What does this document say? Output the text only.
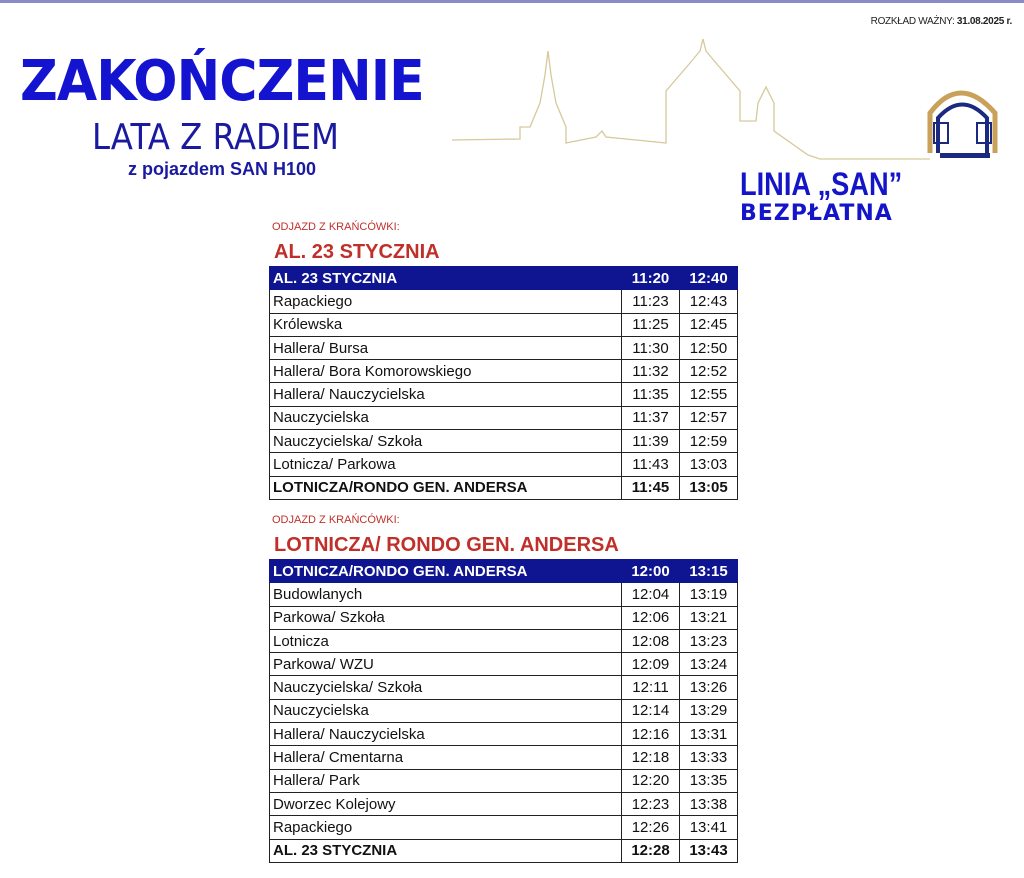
ROZKŁAD WAŻNY: 31.08.2025 r.
ZAKOŃCZENIE
LATA Z RADIEM
z pojazdem SAN H100	LINIA „SAN”
BEZPŁATNA
ODJAZD Z KRAŃCÓWKI:
AL. 23 STYCZNIA
AL. 23 STYCZNIA	11:20	12:40
Rapackiego	11:23	12:43
Królewska	11:25	12:45
Hallera/ Bursa	11:30	12:50
Hallera/ Bora Komorowskiego	11:32	12:52
Hallera/ Nauczycielska	11:35	12:55
Nauczycielska	11:37	12:57
Nauczycielska/ Szkoła	11:39	12:59
Lotnicza/ Parkowa	11:43	13:03
LOTNICZA/RONDO GEN. ANDERSA	11:45	13:05
ODJAZD Z KRAŃCÓWKI:
LOTNICZA/ RONDO GEN. ANDERSA
LOTNICZA/RONDO GEN. ANDERSA	12:00	13:15
Budowlanych	12:04	13:19
Parkowa/ Szkoła	12:06	13:21
Lotnicza	12:08	13:23
Parkowa/ WZU	12:09	13:24
Nauczycielska/ Szkoła	12:11	13:26
Nauczycielska	12:14	13:29
Hallera/ Nauczycielska	12:16	13:31
Hallera/ Cmentarna	12:18	13:33
Hallera/ Park	12:20	13:35
Dworzec Kolejowy	12:23	13:38
Rapackiego	12:26	13:41
AL. 23 STYCZNIA	12:28	13:43
